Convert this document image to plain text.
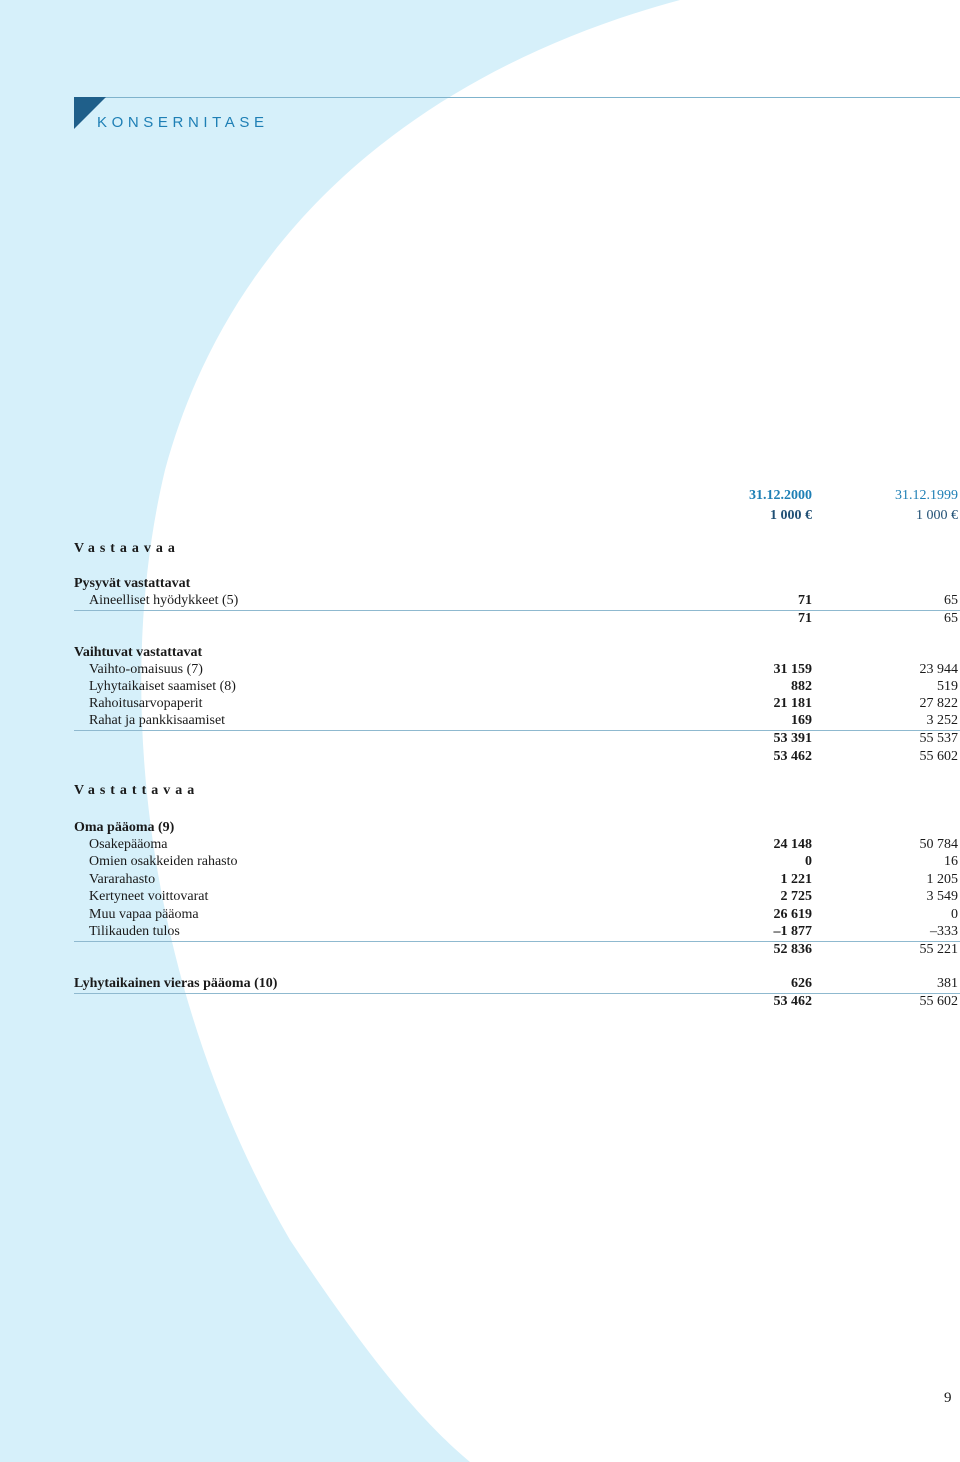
KONSERNITASE
31.12.2000	31.12.1999
1 000 €	1 000 €
Vastaavaa
Pysyvät vastattavat
Aineelliset hyödykkeet (5)	71	65
71	65
Vaihtuvat vastattavat
Vaihto-omaisuus (7)	31 159	23 944
Lyhytaikaiset saamiset (8)	882	519
Rahoitusarvopaperit	21 181	27 822
Rahat ja pankkisaamiset	169	3 252
53 391	55 537
53 462	55 602
Vastattavaa
Oma pääoma (9)
Osakepääoma	24 148	50 784
Omien osakkeiden rahasto	0	16
Vararahasto	1 221	1 205
Kertyneet voittovarat	2 725	3 549
Muu vapaa pääoma	26 619	0
Tilikauden tulos	–1 877	–333
52 836	55 221
Lyhytaikainen vieras pääoma (10)	626	381
53 462	55 602
9
